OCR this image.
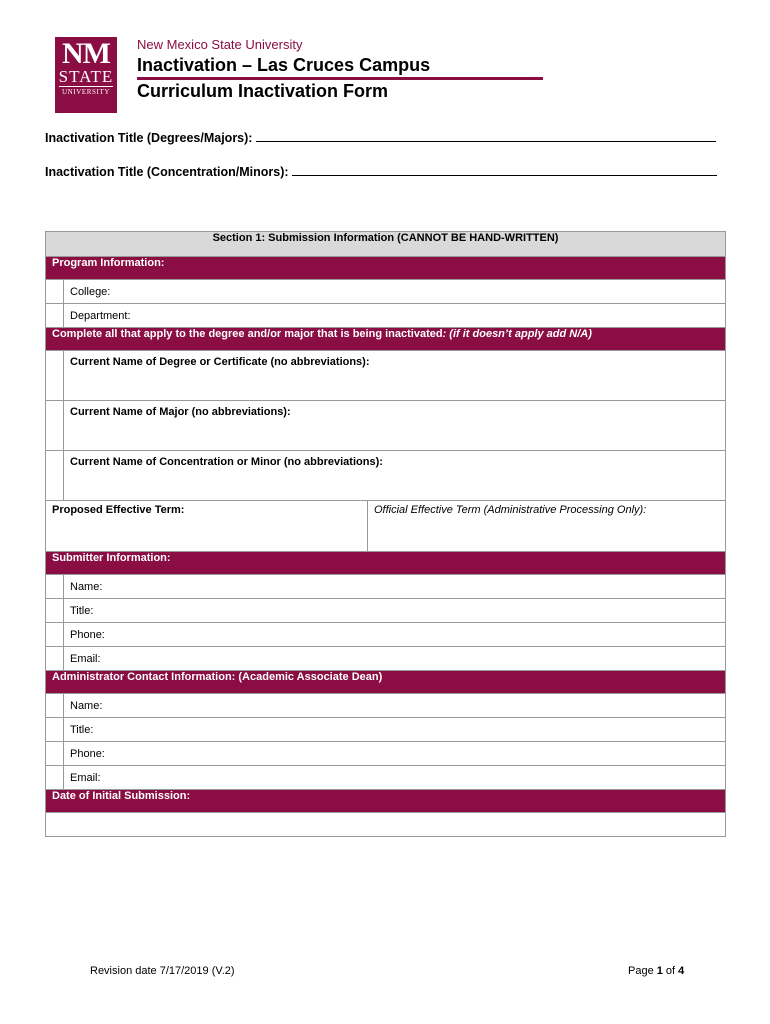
NM
STATE
UNIVERSITY
New Mexico State University
Inactivation – Las Cruces Campus
Curriculum Inactivation Form
Inactivation Title (Degrees/Majors):
Inactivation Title (Concentration/Minors):
Section 1: Submission Information (CANNOT BE HAND-WRITTEN)		
Program Information:		
	College:	
	Department:	
Complete all that apply to the degree and/or major that is being inactivated: (if it doesn’t apply add N/A)		
	Current Name of Degree or Certificate (no abbreviations):	
	Current Name of Major (no abbreviations):	
	Current Name of Concentration or Minor (no abbreviations):	
Proposed Effective Term:		Official Effective Term (Administrative Processing Only):
Submitter Information:		
	Name:	
	Title:	
	Phone:	
	Email:	
Administrator Contact Information: (Academic Associate Dean)		
	Name:	
	Title:	
	Phone:	
	Email:	
Date of Initial Submission:		

Revision date 7/17/2019 (V.2)	Page 1 of 4
